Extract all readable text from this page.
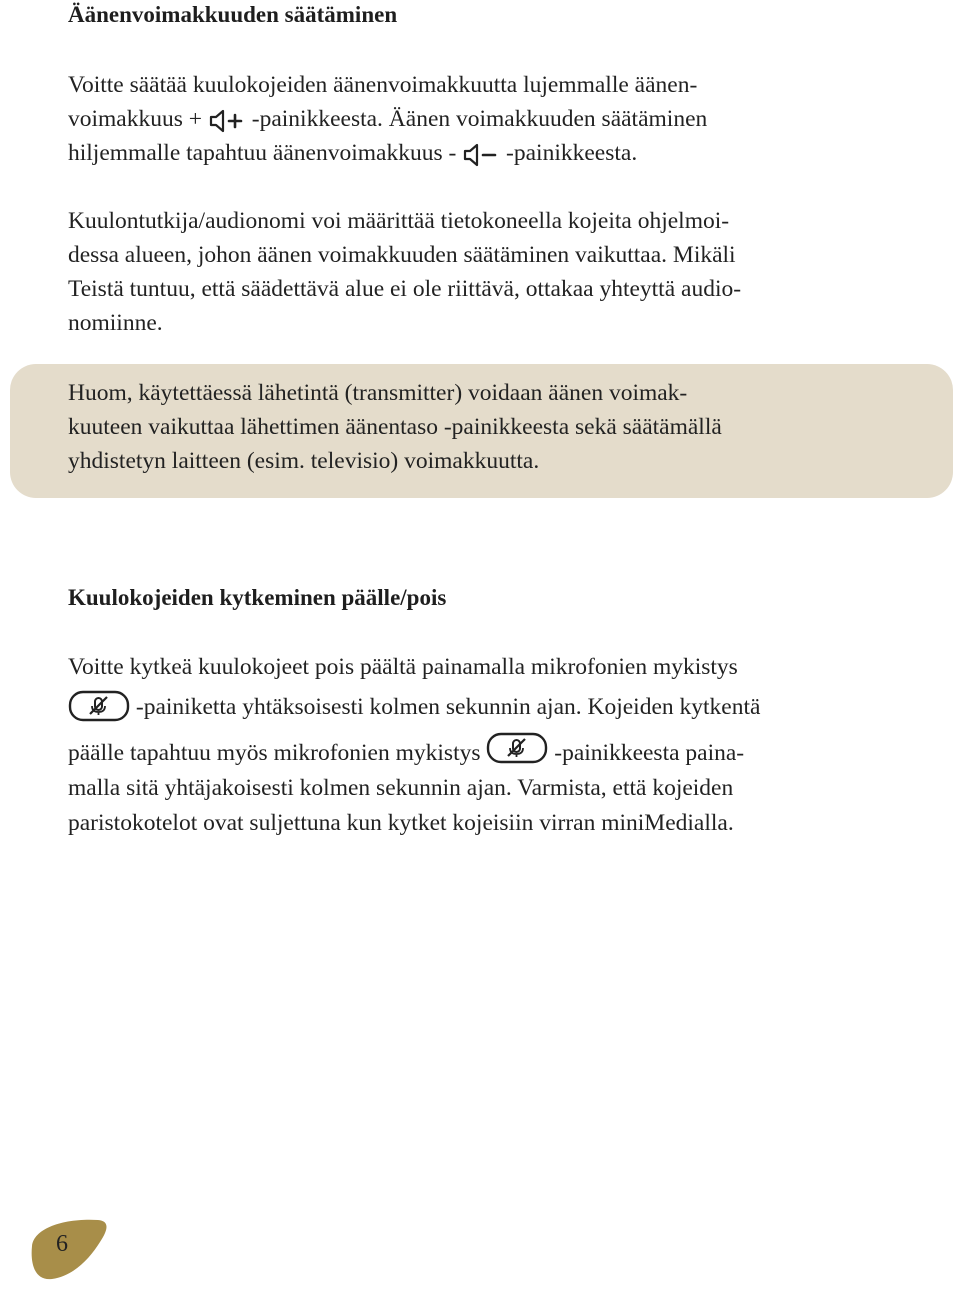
Äänenvoimakkuuden säätäminen
Voitte säätää kuulokojeiden äänenvoimakkuutta lujemmalle äänen-
voimakkuus +
-painikkeesta. Äänen voimakkuuden säätäminen
hiljemmalle tapahtuu äänenvoimakkuus -
-painikkeesta.
Kuulontutkija/audionomi voi määrittää tietokoneella kojeita ohjelmoi-
dessa alueen, johon äänen voimakkuuden säätäminen vaikuttaa. Mikäli
Teistä tuntuu, että säädettävä alue ei ole riittävä, ottakaa yhteyttä audio-
nomiinne.
Huom, käytettäessä lähetintä (transmitter) voidaan äänen voimak-
kuuteen vaikuttaa lähettimen äänentaso -painikkeesta sekä säätämällä
yhdistetyn laitteen (esim. televisio) voimakkuutta.
Kuulokojeiden kytkeminen päälle/pois
Voitte kytkeä kuulokojeet pois päältä painamalla mikrofonien mykistys
-painiketta yhtäksoisesti kolmen sekunnin ajan. Kojeiden kytkentä
päälle tapahtuu myös mikrofonien mykistys	-painikkeesta paina-
malla sitä yhtäjakoisesti kolmen sekunnin ajan. Varmista, että kojeiden
paristokotelot ovat suljettuna kun kytket kojeisiin virran miniMedialla.
6
